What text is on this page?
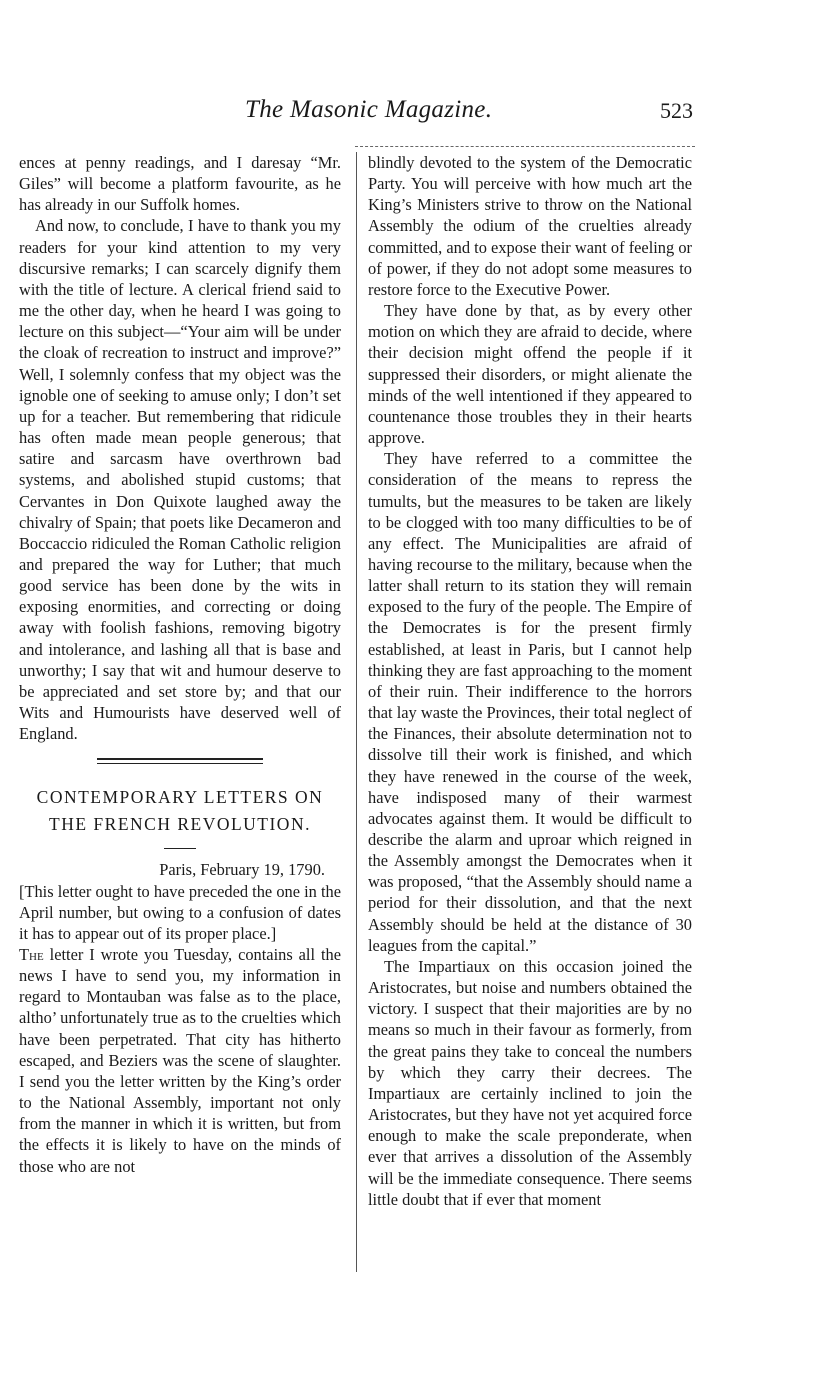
The Masonic Magazine.	523

ences at penny readings, and I daresay “Mr. Giles” will become a platform favourite, as he has already in our Suffolk homes.

And now, to conclude, I have to thank you my readers for your kind attention to my very discursive remarks; I can scarcely dignify them with the title of lecture. A clerical friend said to me the other day, when he heard I was going to lecture on this subject—“Your aim will be under the cloak of recreation to instruct and improve?” Well, I solemnly confess that my object was the ignoble one of seeking to amuse only; I don’t set up for a teacher. But remembering that ridicule has often made mean people generous; that satire and sarcasm have overthrown bad systems, and abolished stupid customs; that Cervantes in Don Quixote laughed away the chivalry of Spain; that poets like Decameron and Boccaccio ridiculed the Roman Catholic religion and prepared the way for Luther; that much good service has been done by the wits in exposing enormities, and correcting or doing away with foolish fashions, removing bigotry and intolerance, and lashing all that is base and unworthy; I say that wit and humour deserve to be appreciated and set store by; and that our Wits and Humourists have deserved well of England.

CONTEMPORARY LETTERS ON
THE FRENCH REVOLUTION.

Paris, February 19, 1790.

[This letter ought to have preceded the one in the April number, but owing to a confusion of dates it has to appear out of its proper place.]

The letter I wrote you Tuesday, contains all the news I have to send you, my information in regard to Montauban was false as to the place, altho’ unfortunately true as to the cruelties which have been perpetrated. That city has hitherto escaped, and Beziers was the scene of slaughter. I send you the letter written by the King’s order to the National Assembly, important not only from the manner in which it is written, but from the effects it is likely to have on the minds of those who are not

blindly devoted to the system of the Democratic Party. You will perceive with how much art the King’s Ministers strive to throw on the National Assembly the odium of the cruelties already committed, and to expose their want of feeling or of power, if they do not adopt some measures to restore force to the Executive Power.

They have done by that, as by every other motion on which they are afraid to decide, where their decision might offend the people if it suppressed their disorders, or might alienate the minds of the well intentioned if they appeared to countenance those troubles they in their hearts approve.

They have referred to a committee the consideration of the means to repress the tumults, but the measures to be taken are likely to be clogged with too many difficulties to be of any effect. The Municipalities are afraid of having recourse to the military, because when the latter shall return to its station they will remain exposed to the fury of the people. The Empire of the Democrates is for the present firmly established, at least in Paris, but I cannot help thinking they are fast approaching to the moment of their ruin. Their indifference to the horrors that lay waste the Provinces, their total neglect of the Finances, their absolute determination not to dissolve till their work is finished, and which they have renewed in the course of the week, have indisposed many of their warmest advocates against them. It would be difficult to describe the alarm and uproar which reigned in the Assembly amongst the Democrates when it was proposed, “that the Assembly should name a period for their dissolution, and that the next Assembly should be held at the distance of 30 leagues from the capital.”

The Impartiaux on this occasion joined the Aristocrates, but noise and numbers obtained the victory. I suspect that their majorities are by no means so much in their favour as formerly, from the great pains they take to conceal the numbers by which they carry their decrees. The Impartiaux are certainly inclined to join the Aristocrates, but they have not yet acquired force enough to make the scale preponderate, when ever that arrives a dissolution of the Assembly will be the immediate consequence. There seems little doubt that if ever that moment
